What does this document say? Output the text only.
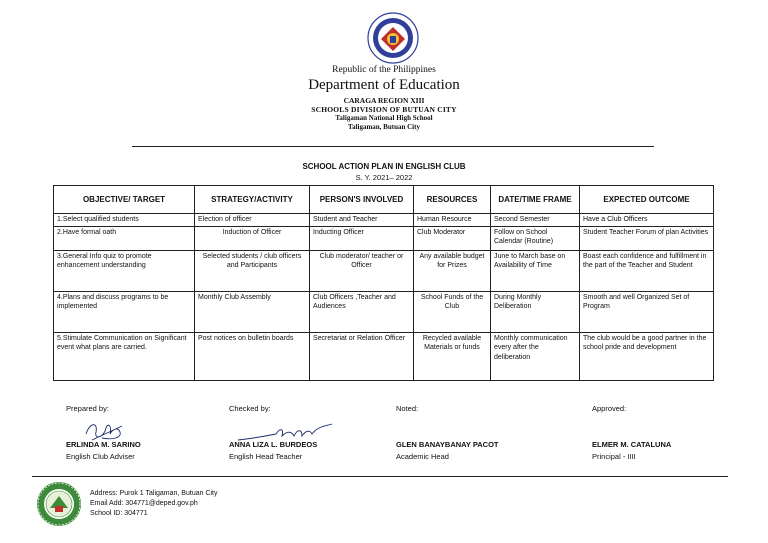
Republic of the Philippines
Department of Education
CARAGA REGION XIII
SCHOOLS DIVISION OF BUTUAN CITY
Taligaman National High School
Taligaman, Butuan City
SCHOOL ACTION PLAN IN ENGLISH CLUB
S. Y. 2021– 2022
OBJECTIVE/ TARGET	STRATEGY/ACTIVITY	PERSON'S INVOLVED	RESOURCES	DATE/TIME FRAME	EXPECTED OUTCOME
1.Select qualified students	Election of officer	Student and Teacher	Human Resource	Second Semester	Have a Club Officers
2.Have formal oath	Induction of Officer	Inducting Officer	Club Moderator	Follow on School Calendar (Routine)	Student Teacher Forum of plan Activities
3.General Info quiz to promote enhancement understanding	Selected students / club officers and Participants	Club moderator/ teacher or Officer	Any available budget for Prizes	June to March base on Availability of Time	Boast each confidence and fulfillment in the part of the Teacher and Student
4.Plans and discuss programs to be implemented	Monthly Club Assembly	Club Officers ,Teacher and Audiences	School Funds of the Club	During Monthly Deliberation	Smooth and well Organized Set of Program
5.Stimulate Communication on Significant event what plans are carried.	Post notices on bulletin boards	Secretariat or Relation Officer	Recycled available Materials or funds	Monthly communication every after the deliberation	The club would be a good partner in the school pride and development
Prepared by:	Checked by:	Noted:	Approved:
ERLINDA M. SARINO	ANNA LIZA L. BURDEOS	GLEN BANAYBANAY PACOT	ELMER M. CATALUNA
English Club Adviser	English Head Teacher	Academic Head	Principal - IIII
Address: Purok 1 Taligaman, Butuan City
Email Add: 304771@deped.gov.ph
School ID: 304771
